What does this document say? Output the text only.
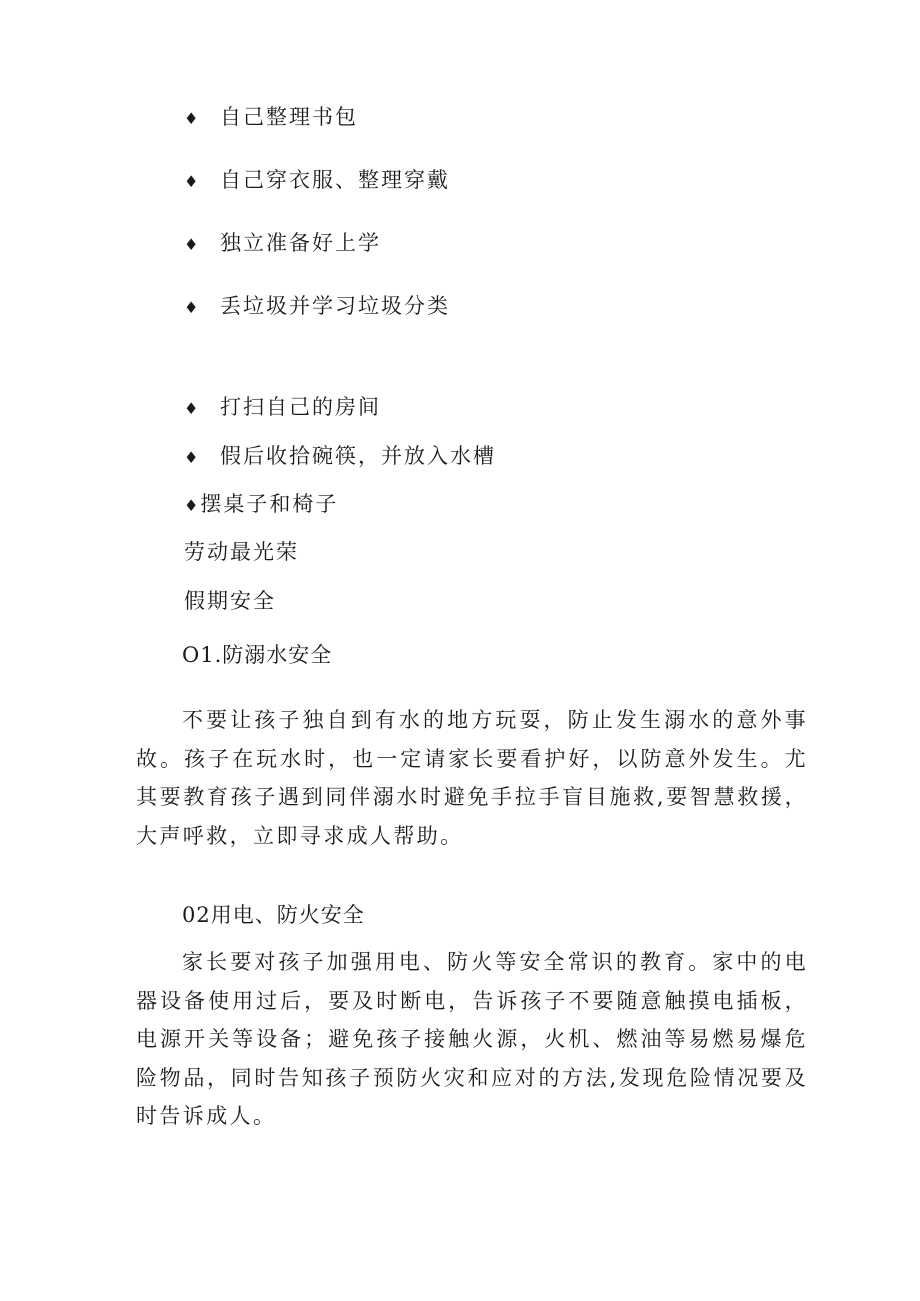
♦ 自己整理书包
♦ 自己穿衣服、整理穿戴
♦ 独立准备好上学
♦ 丢垃圾并学习垃圾分类
♦ 打扫自己的房间
♦ 假后收拾碗筷，并放入水槽
♦摆桌子和椅子
劳动最光荣
假期安全
O1.防溺水安全
不要让孩子独自到有水的地方玩耍，防止发生溺水的意外事故。孩子在玩水时，也一定请家长要看护好，以防意外发生。尤其要教育孩子遇到同伴溺水时避免手拉手盲目施救,要智慧救援，大声呼救，立即寻求成人帮助。
02用电、防火安全
家长要对孩子加强用电、防火等安全常识的教育。家中的电器设备使用过后，要及时断电，告诉孩子不要随意触摸电插板，电源开关等设备；避免孩子接触火源，火机、燃油等易燃易爆危险物品，同时告知孩子预防火灾和应对的方法,发现危险情况要及时告诉成人。
